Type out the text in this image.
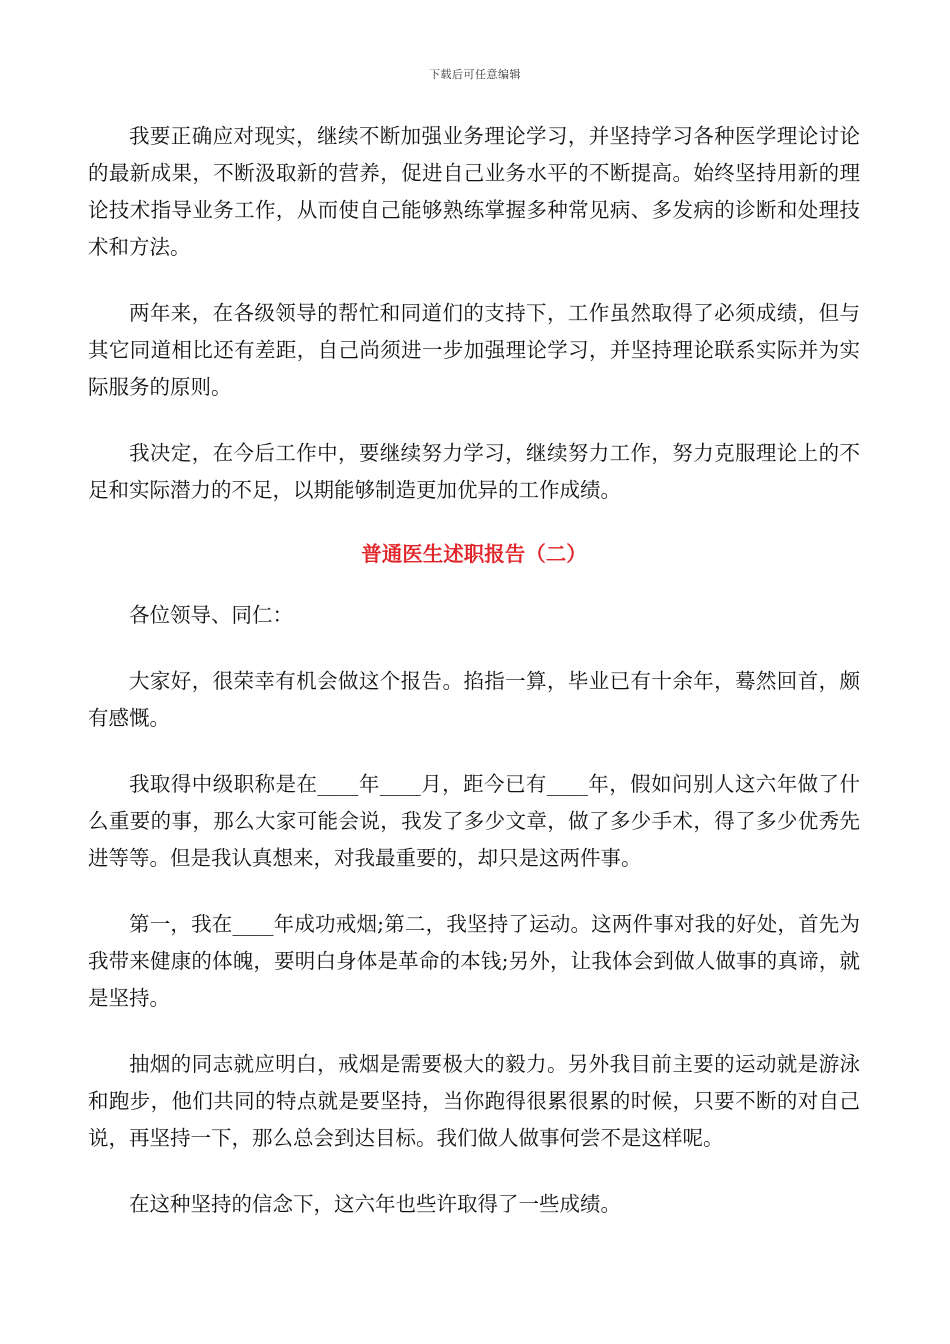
下载后可任意编辑

我要正确应对现实，继续不断加强业务理论学习，并坚持学习各种医学理论讨论的最新成果，不断汲取新的营养，促进自己业务水平的不断提高。始终坚持用新的理论技术指导业务工作，从而使自己能够熟练掌握多种常见病、多发病的诊断和处理技术和方法。

两年来，在各级领导的帮忙和同道们的支持下，工作虽然取得了必须成绩，但与其它同道相比还有差距，自己尚须进一步加强理论学习，并坚持理论联系实际并为实际服务的原则。

我决定，在今后工作中，要继续努力学习，继续努力工作，努力克服理论上的不足和实际潜力的不足，以期能够制造更加优异的工作成绩。

普通医生述职报告（二）

各位领导、同仁：

大家好，很荣幸有机会做这个报告。掐指一算，毕业已有十余年，蓦然回首，颇有感慨。

我取得中级职称是在____年____月，距今已有____年，假如问别人这六年做了什么重要的事，那么大家可能会说，我发了多少文章，做了多少手术，得了多少优秀先进等等。但是我认真想来，对我最重要的，却只是这两件事。

第一，我在____年成功戒烟;第二，我坚持了运动。这两件事对我的好处，首先为我带来健康的体魄，要明白身体是革命的本钱;另外，让我体会到做人做事的真谛，就是坚持。

抽烟的同志就应明白，戒烟是需要极大的毅力。另外我目前主要的运动就是游泳和跑步，他们共同的特点就是要坚持，当你跑得很累很累的时候，只要不断的对自己说，再坚持一下，那么总会到达目标。我们做人做事何尝不是这样呢。

在这种坚持的信念下，这六年也些许取得了一些成绩。
